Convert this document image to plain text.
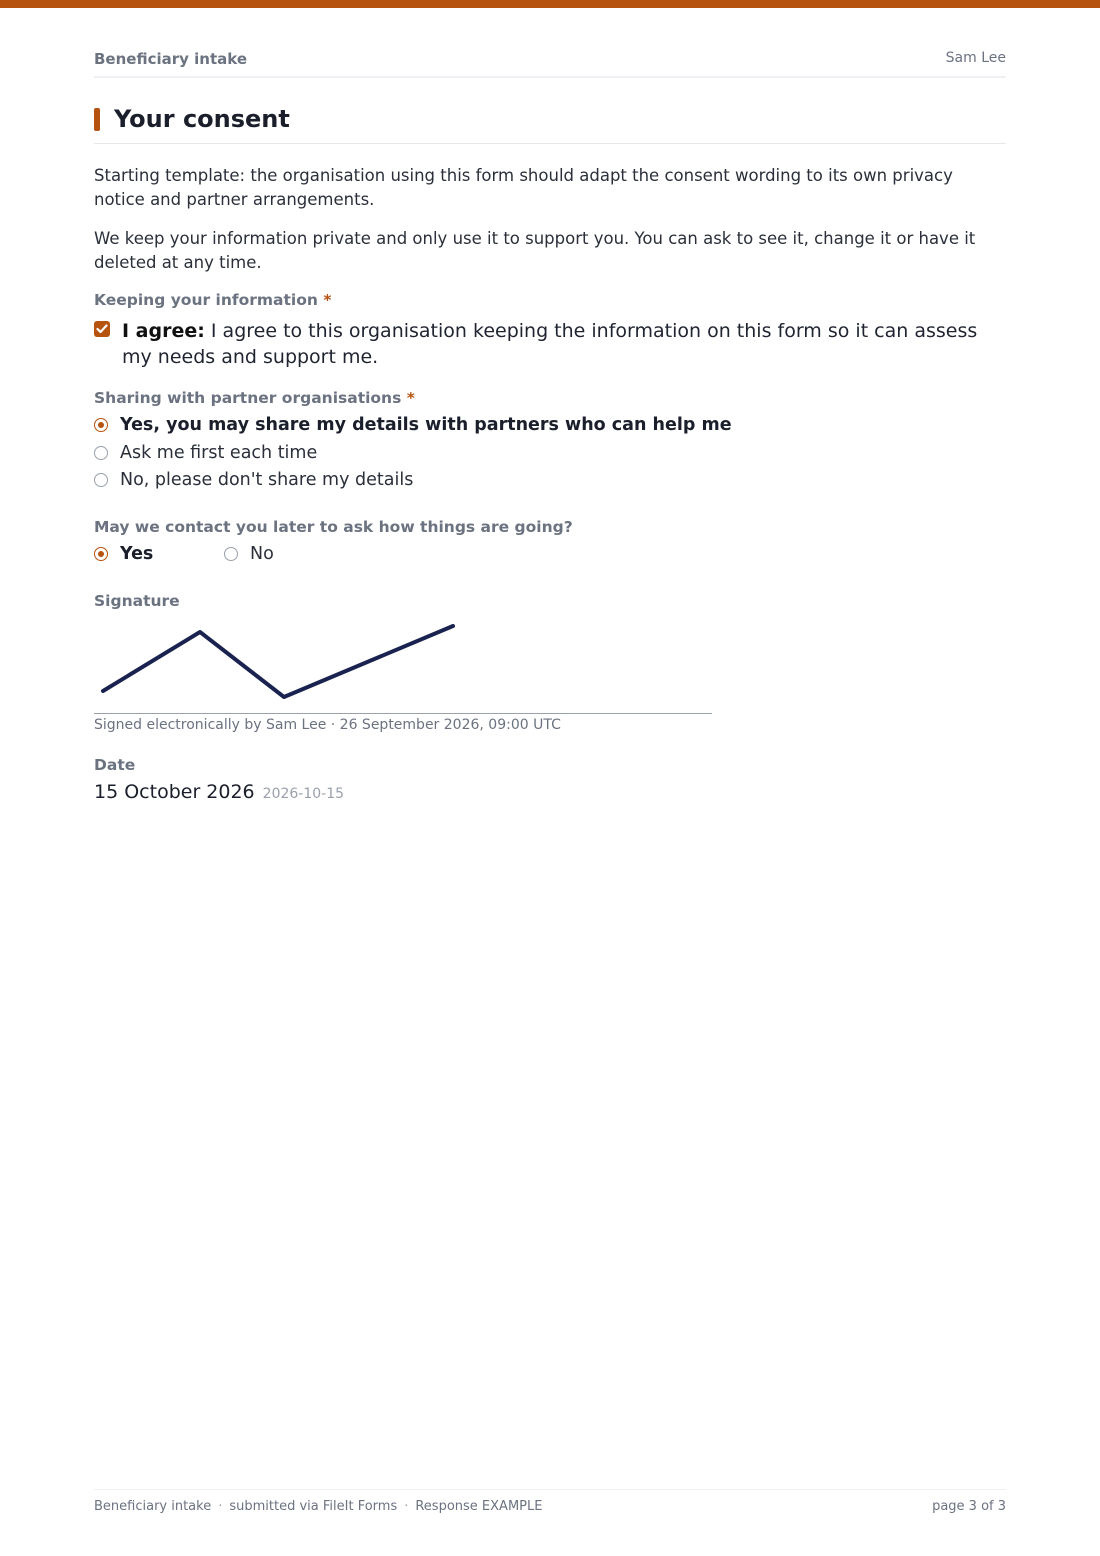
Beneficiary intake	Sam Lee
Your consent

Starting template: the organisation using this form should adapt the consent wording to its own privacy notice and partner arrangements.

We keep your information private and only use it to support you. You can ask to see it, change it or have it deleted at any time.

Keeping your information *

I agree: I agree to this organisation keeping the information on this form so it can assess my needs and support me.

Sharing with partner organisations *

Yes, you may share my details with partners who can help me
Ask me first each time
No, please don't share my details

May we contact you later to ask how things are going?

Yes	No

Signature

Signed electronically by Sam Lee · 26 September 2026, 09:00 UTC

Date

15 October 2026 2026-10-15
Beneficiary intake · submitted via FileIt Forms · Response EXAMPLE	page 3 of 3
